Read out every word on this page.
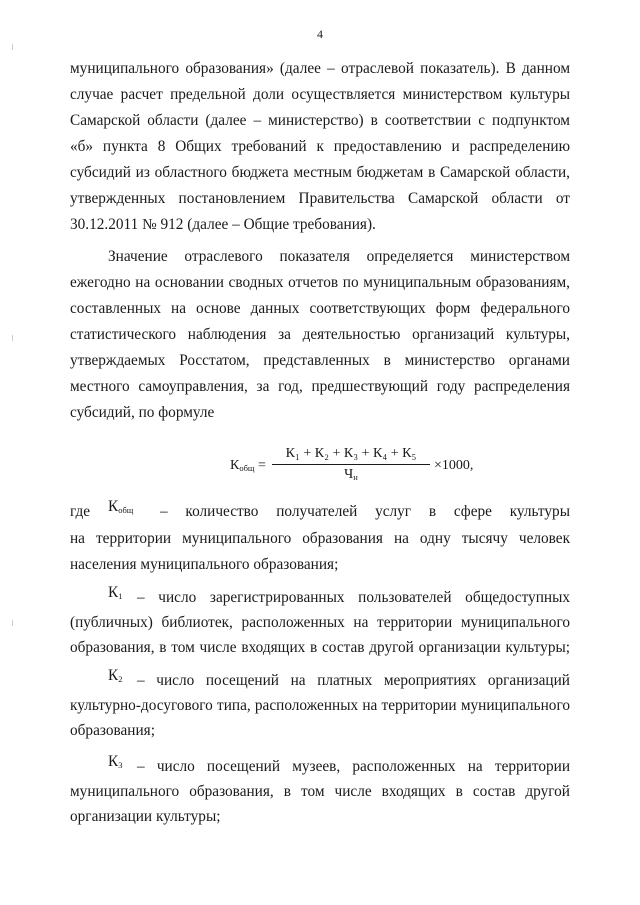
4
муниципального образования» (далее – отраслевой показатель). В данном
случае расчет предельной доли осуществляется министерством культуры
Самарской области (далее – министерство) в соответствии с подпунктом
«б» пункта 8 Общих требований к предоставлению и распределению
субсидий из областного бюджета местным бюджетам в Самарской области,
утвержденных постановлением Правительства Самарской области от
30.12.2011 № 912 (далее – Общие требования).
Значение отраслевого показателя определяется министерством
ежегодно на основании сводных отчетов по муниципальным образованиям,
составленных на основе данных соответствующих форм федерального
статистического наблюдения за деятельностью организаций культуры,
утверждаемых Росстатом, представленных в министерство органами
местного самоуправления, за год, предшествующий году распределения
субсидий, по формуле
$К_{общ}$ =
К₁ + К₂ + К₃ + К₄ + К₅
$Ч_н$
×1000,
где $К_{общ}$ – количество получателей услуг в сфере культуры
на территории муниципального образования на одну тысячу человек
населения муниципального образования;
$К_1$ – число зарегистрированных пользователей общедоступных
(публичных) библиотек, расположенных на территории муниципального
образования, в том числе входящих в состав другой организации культуры;
$К_2$ – число посещений на платных мероприятиях организаций
культурно-досугового типа, расположенных на территории муниципального
образования;
$К_3$ – число посещений музеев, расположенных на территории
муниципального образования, в том числе входящих в состав другой
организации культуры;
